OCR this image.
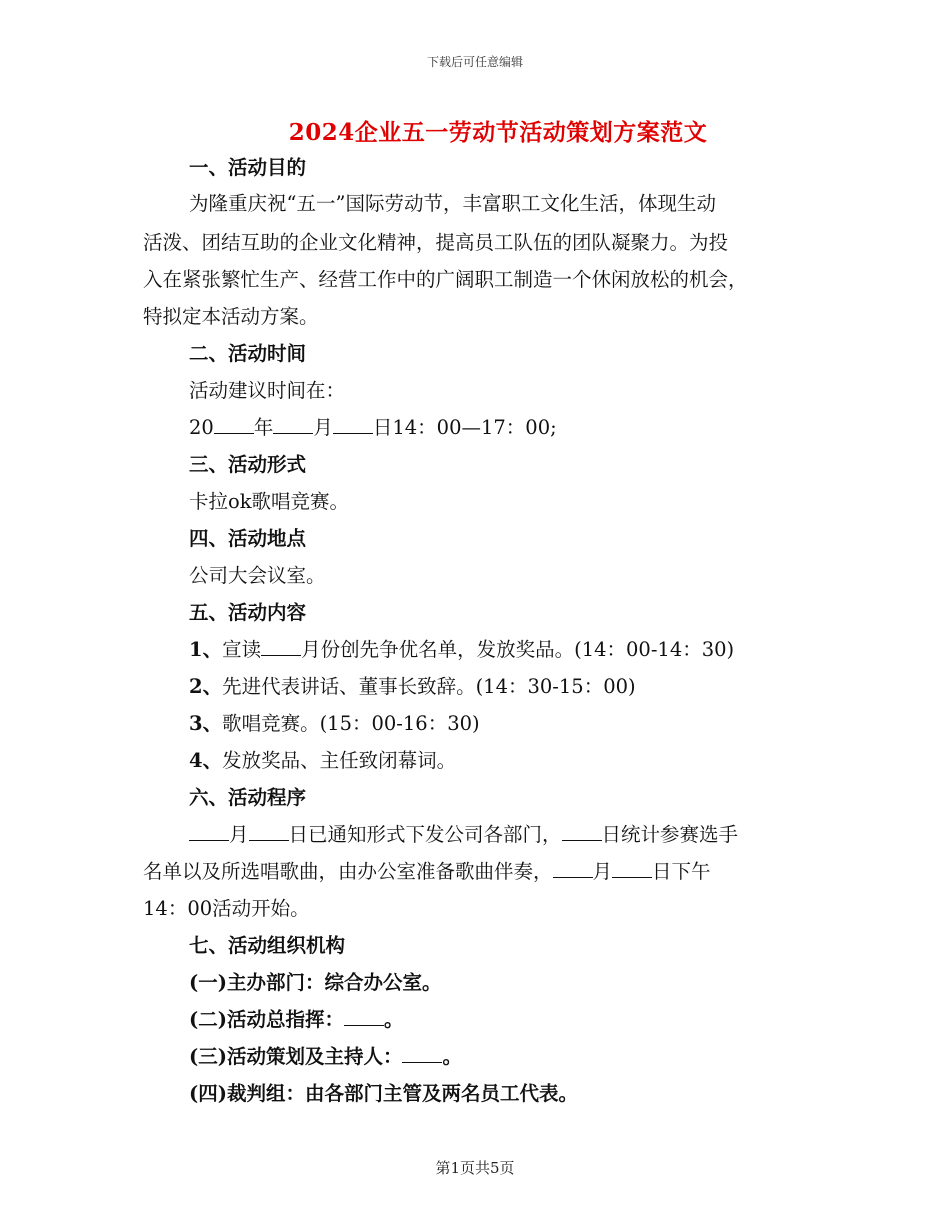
下载后可任意编辑
2024企业五一劳动节活动策划方案范文
一、活动目的
为隆重庆祝“五一”国际劳动节，丰富职工文化生活，体现生动
活泼、团结互助的企业文化精神，提高员工队伍的团队凝聚力。为投
入在紧张繁忙生产、经营工作中的广阔职工制造一个休闲放松的机会，
特拟定本活动方案。
二、活动时间
活动建议时间在：
20 年 月 日14：00—17：00;
三、活动形式
卡拉ok歌唱竞赛。
四、活动地点
公司大会议室。
五、活动内容
1、宣读 月份创先争优名单，发放奖品。(14：00-14：30)
2、先进代表讲话、董事长致辞。(14：30-15：00)
3、歌唱竞赛。(15：00-16：30)
4、发放奖品、主任致闭幕词。
六、活动程序
月 日已通知形式下发公司各部门， 日统计参赛选手
名单以及所选唱歌曲，由办公室准备歌曲伴奏， 月 日下午
14：00活动开始。
七、活动组织机构
(一)主办部门：综合办公室。
(二)活动总指挥： 。
(三)活动策划及主持人： 。
(四)裁判组：由各部门主管及两名员工代表。
第1页共5页
